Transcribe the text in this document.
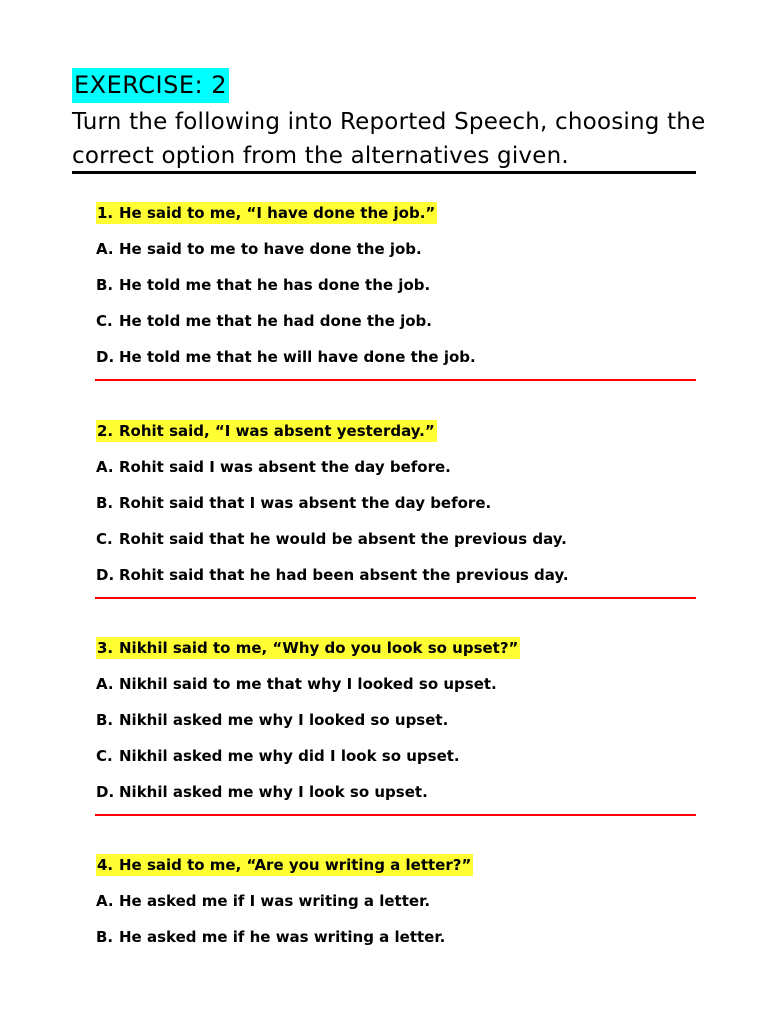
EXERCISE: 2
Turn the following into Reported Speech, choosing the correct option from the alternatives given.
1. He said to me, “I have done the job.”
A. He said to me to have done the job.
B. He told me that he has done the job.
C. He told me that he had done the job.
D. He told me that he will have done the job.
2. Rohit said, “I was absent yesterday.”
A. Rohit said I was absent the day before.
B. Rohit said that I was absent the day before.
C. Rohit said that he would be absent the previous day.
D. Rohit said that he had been absent the previous day.
3. Nikhil said to me, “Why do you look so upset?”
A. Nikhil said to me that why I looked so upset.
B. Nikhil asked me why I looked so upset.
C. Nikhil asked me why did I look so upset.
D. Nikhil asked me why I look so upset.
4. He said to me, “Are you writing a letter?”
A. He asked me if I was writing a letter.
B. He asked me if he was writing a letter.
